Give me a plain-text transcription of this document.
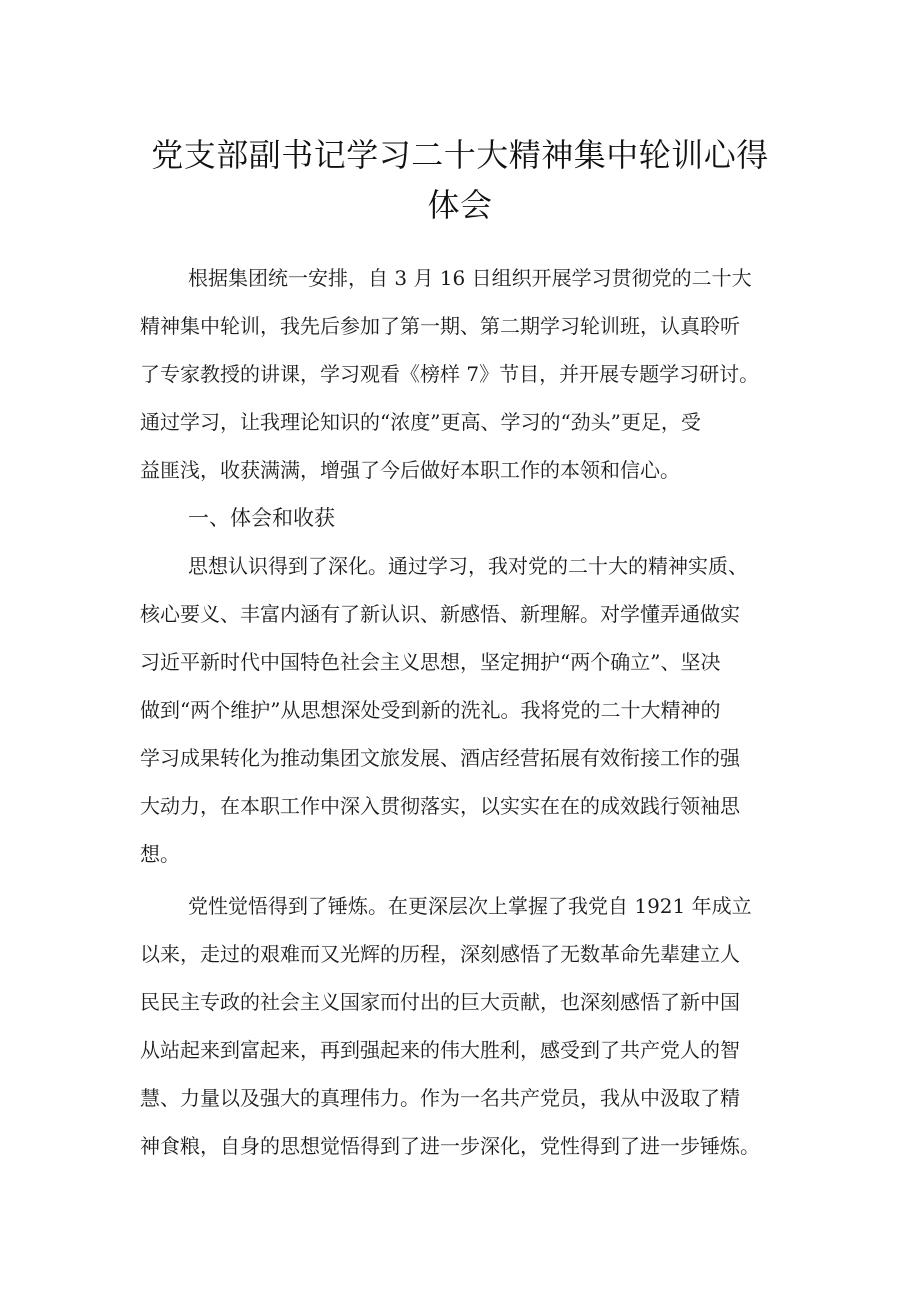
党支部副书记学习二十大精神集中轮训心得
体会

根据集团统一安排，自 3 月 16 日组织开展学习贯彻党的二十大
精神集中轮训，我先后参加了第一期、第二期学习轮训班，认真聆听
了专家教授的讲课，学习观看《榜样 7》节目，并开展专题学习研讨。
通过学习，让我理论知识的“浓度”更高、学习的“劲头”更足，受
益匪浅，收获满满，增强了今后做好本职工作的本领和信心。

一、体会和收获

思想认识得到了深化。通过学习，我对党的二十大的精神实质、
核心要义、丰富内涵有了新认识、新感悟、新理解。对学懂弄通做实
习近平新时代中国特色社会主义思想，坚定拥护“两个确立”、坚决
做到“两个维护”从思想深处受到新的洗礼。我将党的二十大精神的
学习成果转化为推动集团文旅发展、酒店经营拓展有效衔接工作的强
大动力，在本职工作中深入贯彻落实，以实实在在的成效践行领袖思
想。

党性觉悟得到了锤炼。在更深层次上掌握了我党自 1921 年成立
以来，走过的艰难而又光辉的历程，深刻感悟了无数革命先辈建立人
民民主专政的社会主义国家而付出的巨大贡献，也深刻感悟了新中国
从站起来到富起来，再到强起来的伟大胜利，感受到了共产党人的智
慧、力量以及强大的真理伟力。作为一名共产党员，我从中汲取了精
神食粮，自身的思想觉悟得到了进一步深化，党性得到了进一步锤炼。
